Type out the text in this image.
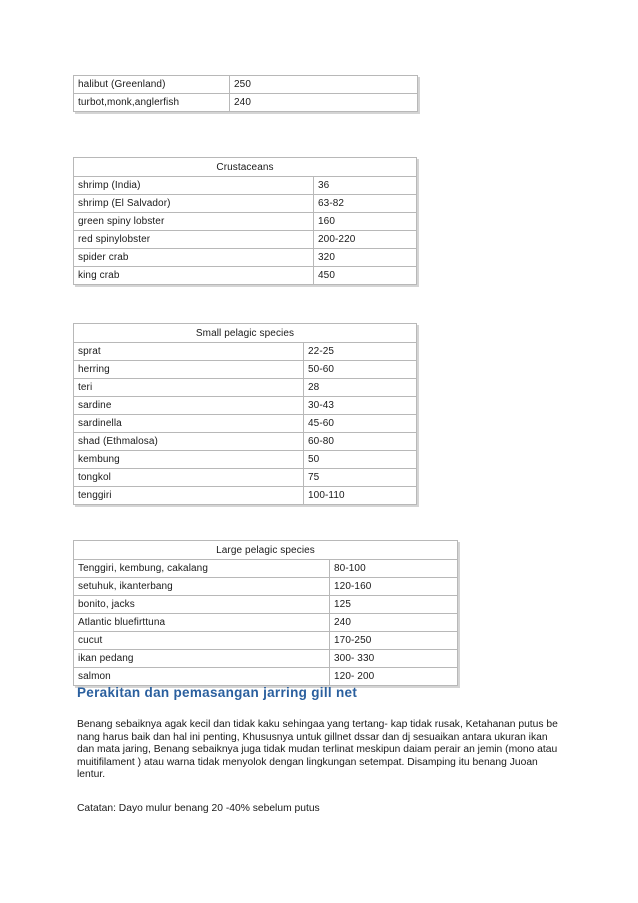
halibut (Greenland)	250
turbot,monk,anglerfish	240
Crustaceans	
shrimp (India)	36
shrimp (El Salvador)	63-82
green spiny lobster	160
red spinylobster	200-220
spider crab	320
king crab	450
Small pelagic species	
sprat	22-25
herring	50-60
teri	28
sardine	30-43
sardinella	45-60
shad (Ethmalosa)	60-80
kembung	50
tongkol	75
tenggiri	100-110
Large pelagic species	
Tenggiri, kembung, cakalang	80-100
setuhuk, ikanterbang	120-160
bonito, jacks	125
Atlantic bluefirttuna	240
cucut	170-250
ikan pedang	300- 330
salmon	120- 200
Perakitan dan pemasangan jarring gill net

Benang sebaiknya agak kecil dan tidak kaku sehingaa yang tertang- kap tidak rusak, Ketahanan putus be nang harus baik dan hal ini penting, Khususnya untuk gillnet dssar dan dj sesuaikan antara ukuran ikan dan mata jaring, Benang sebaiknya juga tidak mudan terlinat meskipun daiam perair an jemin (mono atau muitifilament ) atau warna tidak menyolok dengan lingkungan setempat. Disamping itu benang Juoan lentur.

Catatan: Dayo mulur benang 20 -40% sebelum putus
